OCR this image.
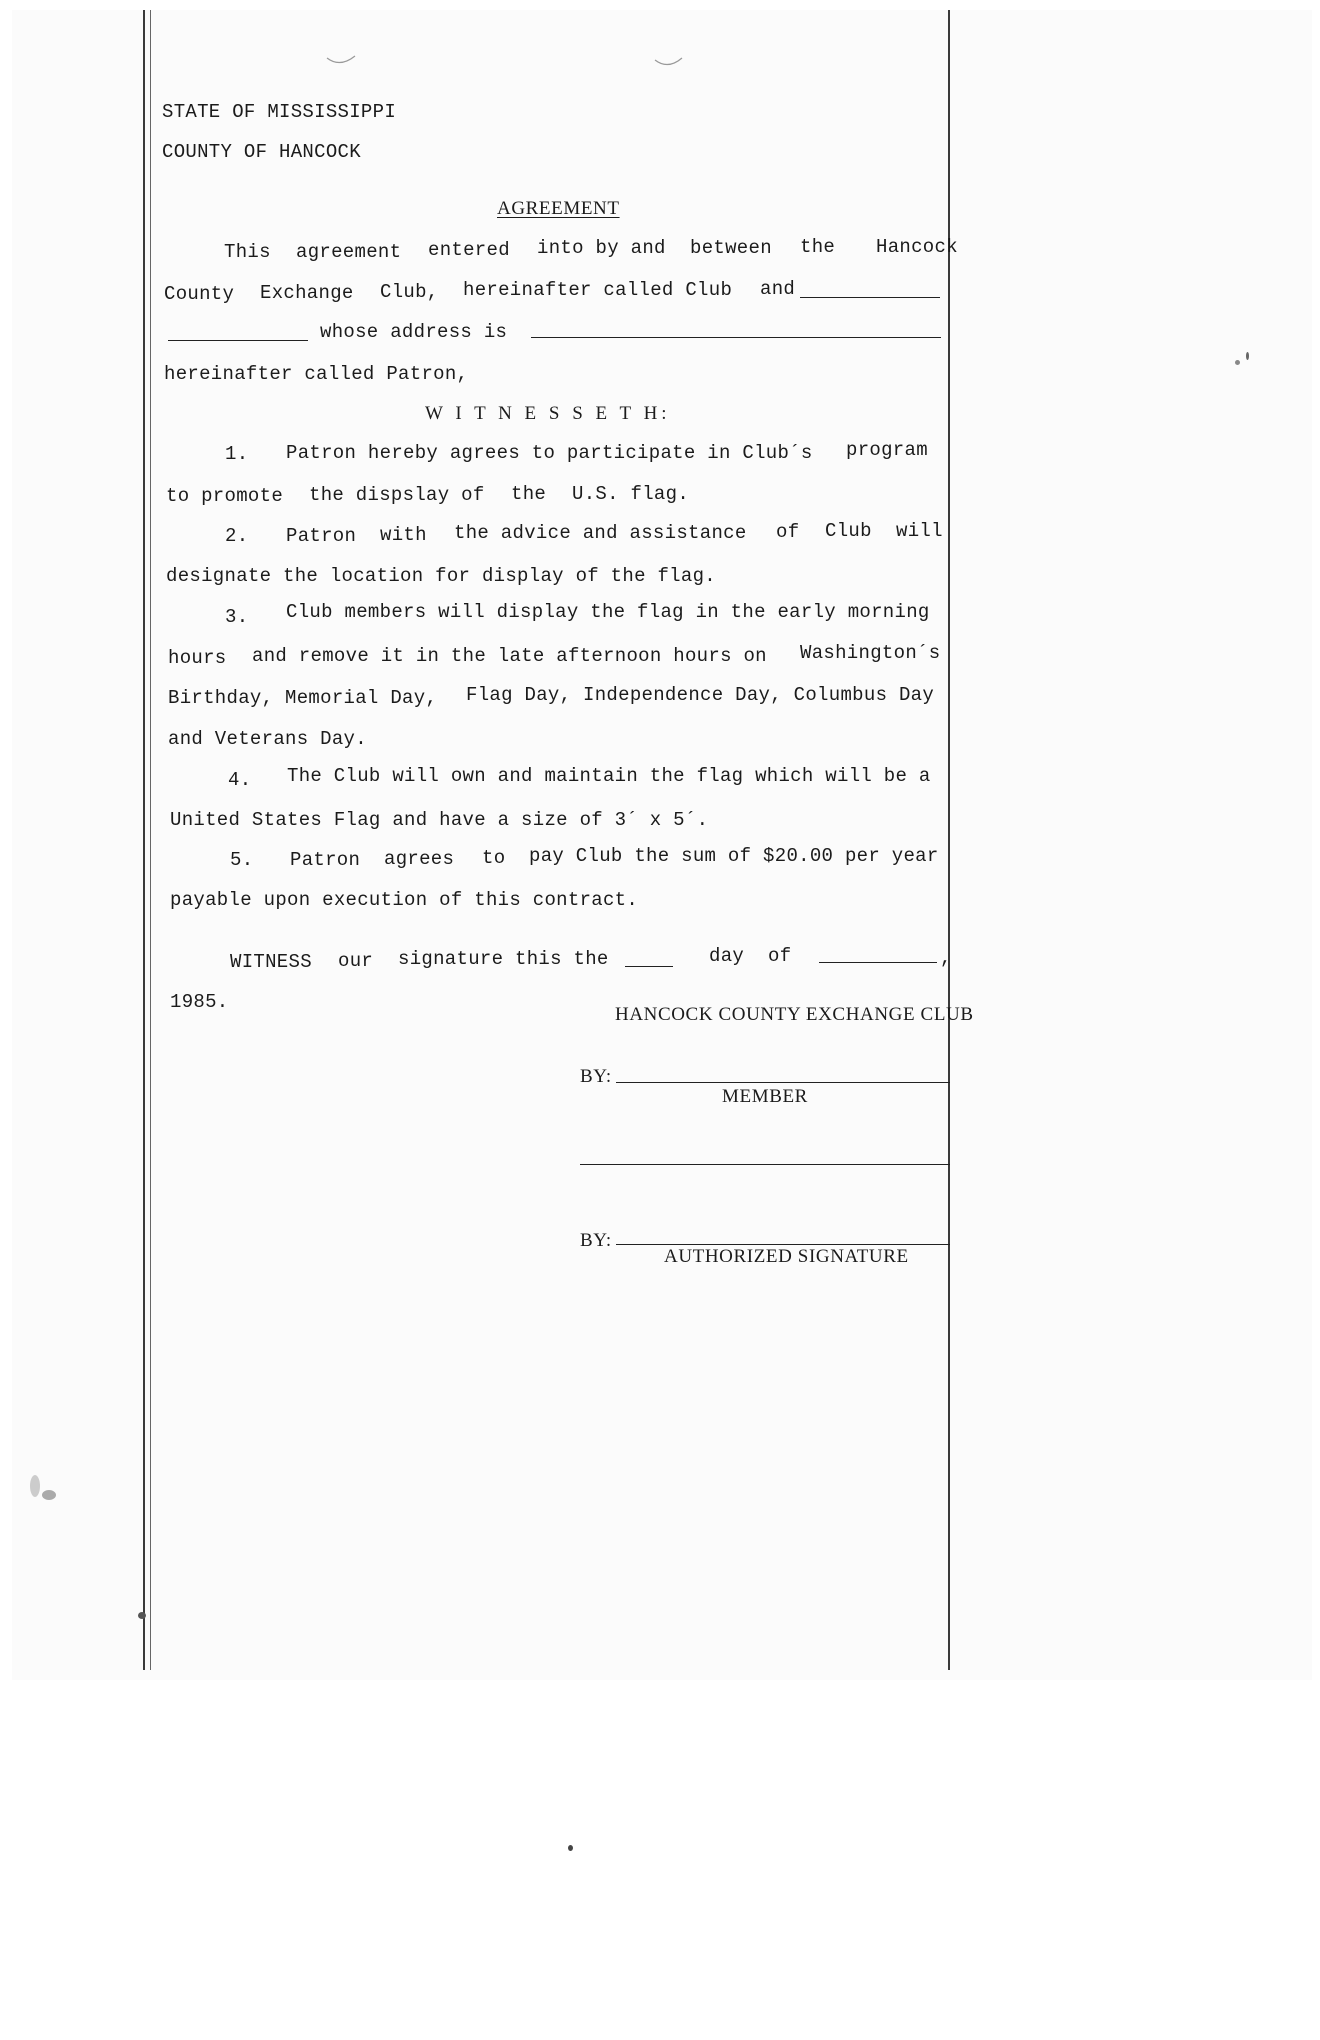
STATE OF MISSISSIPPI
COUNTY OF HANCOCK
AGREEMENT
This agreement entered into by and between the Hancock
County Exchange Club, hereinafter called Club and
whose address is
hereinafter called Patron,
W I T N E S S E T H:
1. Patron hereby agrees to participate in Club´s program
to promote the dispslay of the U.S. flag.
2. Patron with the advice and assistance of Club will
designate the location for display of the flag.
3. Club members will display the flag in the early morning
hours and remove it in the late afternoon hours on Washington´s
Birthday, Memorial Day, Flag Day, Independence Day, Columbus Day
and Veterans Day.
4. The Club will own and maintain the flag which will be a
United States Flag and have a size of 3´ x 5´.
5. Patron agrees to pay Club the sum of $20.00 per year
payable upon execution of this contract.
WITNESS our signature this the	day of	,
1985.
HANCOCK COUNTY EXCHANGE CLUB
BY:
MEMBER
BY:
AUTHORIZED SIGNATURE
